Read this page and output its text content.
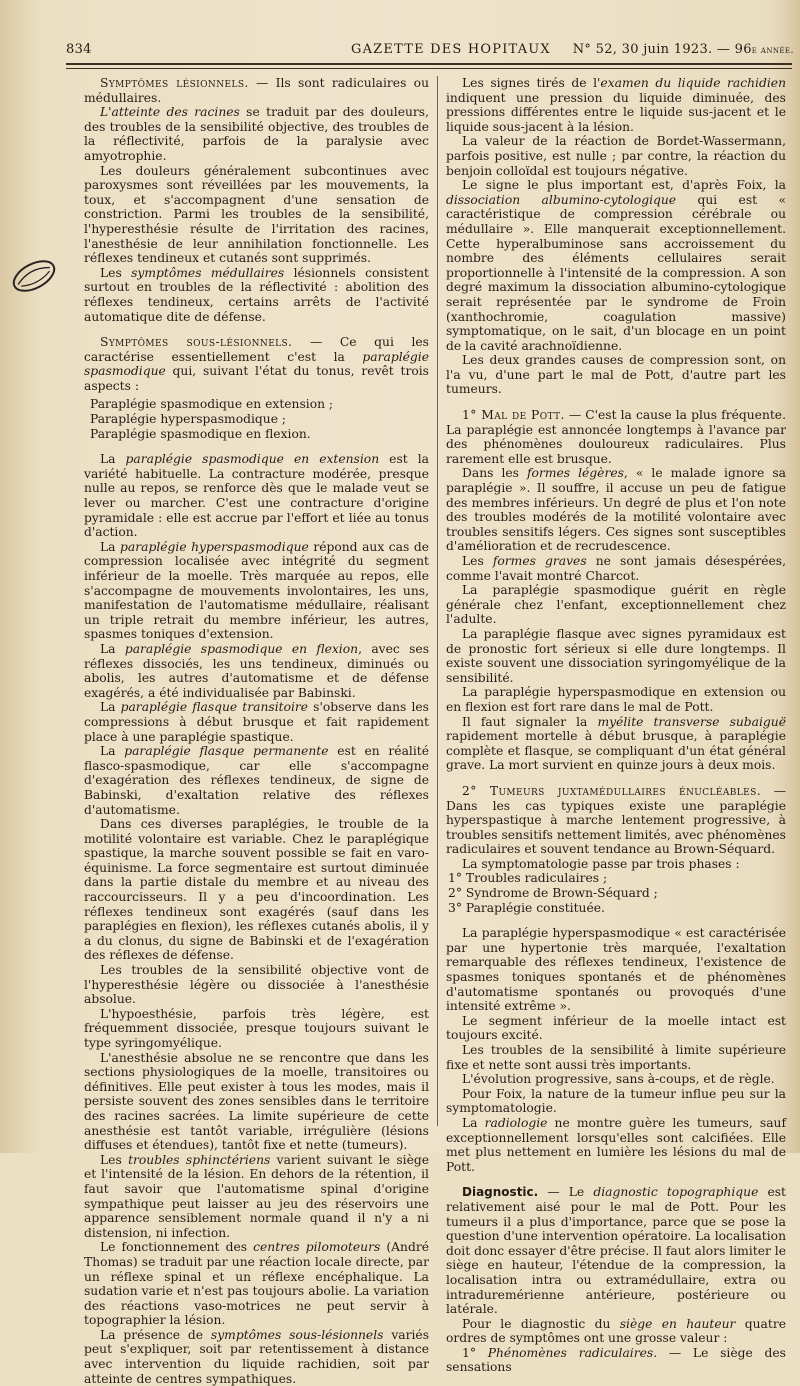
834	GAZETTE DES HOPITAUX N° 52, 30 juin 1923. — 96e année.

Symptômes lésionnels. — Ils sont radiculaires ou médullaires.

L'atteinte des racines se traduit par des douleurs, des troubles de la sensibilité objective, des troubles de la réflectivité, parfois de la paralysie avec amyotrophie.

Les douleurs généralement subcontinues avec paroxysmes sont réveillées par les mouvements, la toux, et s'accompagnent d'une sensation de constriction. Parmi les troubles de la sensibilité, l'hyperesthésie résulte de l'irritation des racines, l'anesthésie de leur annihilation fonctionnelle. Les réflexes tendineux et cutanés sont supprimés.

Les symptômes médullaires lésionnels consistent surtout en troubles de la réflectivité : abolition des réflexes tendineux, certains arrêts de l'activité automatique dite de défense.

Symptômes sous-lésionnels. — Ce qui les caractérise essentiellement c'est la paraplégie spasmodique qui, suivant l'état du tonus, revêt trois aspects :

Paraplégie spasmodique en extension ;

Paraplégie hyperspasmodique ;

Paraplégie spasmodique en flexion.

La paraplégie spasmodique en extension est la variété habituelle. La contracture modérée, presque nulle au repos, se renforce dès que le malade veut se lever ou marcher. C'est une contracture d'origine pyramidale : elle est accrue par l'effort et liée au tonus d'action.

La paraplégie hyperspasmodique répond aux cas de compression localisée avec intégrité du segment inférieur de la moelle. Très marquée au repos, elle s'accompagne de mouvements involontaires, les uns, manifestation de l'automatisme médullaire, réalisant un triple retrait du membre inférieur, les autres, spasmes toniques d'extension.

La paraplégie spasmodique en flexion, avec ses réflexes dissociés, les uns tendineux, diminués ou abolis, les autres d'automatisme et de défense exagérés, a été individualisée par Babinski.

La paraplégie flasque transitoire s'observe dans les compressions à début brusque et fait rapidement place à une paraplégie spastique.

La paraplégie flasque permanente est en réalité flasco-spasmodique, car elle s'accompagne d'exagération des réflexes tendineux, de signe de Babinski, d'exaltation relative des réflexes d'automatisme.

Dans ces diverses paraplégies, le trouble de la motilité volontaire est variable. Chez le paraplégique spastique, la marche souvent possible se fait en varo-équinisme. La force segmentaire est surtout diminuée dans la partie distale du membre et au niveau des raccourcisseurs. Il y a peu d'incoordination. Les réflexes tendineux sont exagérés (sauf dans les paraplégies en flexion), les réflexes cutanés abolis, il y a du clonus, du signe de Babinski et de l'exagération des réflexes de défense.

Les troubles de la sensibilité objective vont de l'hyperesthésie légère ou dissociée à l'anesthésie absolue.

L'hypoesthésie, parfois très légère, est fréquemment dissociée, presque toujours suivant le type syringomyélique.

L'anesthésie absolue ne se rencontre que dans les sections physiologiques de la moelle, transitoires ou définitives. Elle peut exister à tous les modes, mais il persiste souvent des zones sensibles dans le territoire des racines sacrées. La limite supérieure de cette anesthésie est tantôt variable, irrégulière (lésions diffuses et étendues), tantôt fixe et nette (tumeurs).

Les troubles sphinctériens varient suivant le siège et l'intensité de la lésion. En dehors de la rétention, il faut savoir que l'automatisme spinal d'origine sympathique peut laisser au jeu des réservoirs une apparence sensiblement normale quand il n'y a ni distension, ni infection.

Le fonctionnement des centres pilomoteurs (André Thomas) se traduit par une réaction locale directe, par un réflexe spinal et un réflexe encéphalique. La sudation varie et n'est pas toujours abolie. La variation des réactions vaso-motrices ne peut servir à topographier la lésion.

La présence de symptômes sous-lésionnels variés peut s'expliquer, soit par retentissement à distance avec intervention du liquide rachidien, soit par atteinte de centres sympathiques.

Les signes tirés de l'examen du liquide rachidien indiquent une pression du liquide diminuée, des pressions différentes entre le liquide sus-jacent et le liquide sous-jacent à la lésion.

La valeur de la réaction de Bordet-Wassermann, parfois positive, est nulle ; par contre, la réaction du benjoin colloïdal est toujours négative.

Le signe le plus important est, d'après Foix, la dissociation albumino-cytologique qui est « caractéristique de compression cérébrale ou médullaire ». Elle manquerait exceptionnellement. Cette hyperalbuminose sans accroissement du nombre des éléments cellulaires serait proportionnelle à l'intensité de la compression. A son degré maximum la dissociation albumino-cytologique serait représentée par le syndrome de Froin (xanthochromie, coagulation massive) symptomatique, on le sait, d'un blocage en un point de la cavité arachnoïdienne.

Les deux grandes causes de compression sont, on l'a vu, d'une part le mal de Pott, d'autre part les tumeurs.

1° Mal de Pott. — C'est la cause la plus fréquente. La paraplégie est annoncée longtemps à l'avance par des phénomènes douloureux radiculaires. Plus rarement elle est brusque.

Dans les formes légères, « le malade ignore sa paraplégie ». Il souffre, il accuse un peu de fatigue des membres inférieurs. Un degré de plus et l'on note des troubles modérés de la motilité volontaire avec troubles sensitifs légers. Ces signes sont susceptibles d'amélioration et de recrudescence.

Les formes graves ne sont jamais désespérées, comme l'avait montré Charcot.

La paraplégie spasmodique guérit en règle générale chez l'enfant, exceptionnellement chez l'adulte.

La paraplégie flasque avec signes pyramidaux est de pronostic fort sérieux si elle dure longtemps. Il existe souvent une dissociation syringomyélique de la sensibilité.

La paraplégie hyperspasmodique en extension ou en flexion est fort rare dans le mal de Pott.

Il faut signaler la myélite transverse subaiguë rapidement mortelle à début brusque, à paraplégie complète et flasque, se compliquant d'un état général grave. La mort survient en quinze jours à deux mois.

2° Tumeurs juxtamédullaires énucléables. — Dans les cas typiques existe une paraplégie hyperspastique à marche lentement progressive, à troubles sensitifs nettement limités, avec phénomènes radiculaires et souvent tendance au Brown-Séquard.

La symptomatologie passe par trois phases :

1° Troubles radiculaires ;

2° Syndrome de Brown-Séquard ;

3° Paraplégie constituée.

La paraplégie hyperspasmodique « est caractérisée par une hypertonie très marquée, l'exaltation remarquable des réflexes tendineux, l'existence de spasmes toniques spontanés et de phénomènes d'automatisme spontanés ou provoqués d'une intensité extrême ».

Le segment inférieur de la moelle intact est toujours excité.

Les troubles de la sensibilité à limite supérieure fixe et nette sont aussi très importants.

L'évolution progressive, sans à-coups, et de règle.

Pour Foix, la nature de la tumeur influe peu sur la symptomatologie.

La radiologie ne montre guère les tumeurs, sauf exceptionnellement lorsqu'elles sont calcifiées. Elle met plus nettement en lumière les lésions du mal de Pott.

Diagnostic. — Le diagnostic topographique est relativement aisé pour le mal de Pott. Pour les tumeurs il a plus d'importance, parce que se pose la question d'une intervention opératoire. La localisation doit donc essayer d'être précise. Il faut alors limiter le siège en hauteur, l'étendue de la compression, la localisation intra ou extramédullaire, extra ou intraduremérienne antérieure, postérieure ou latérale.

Pour le diagnostic du siège en hauteur quatre ordres de symptômes ont une grosse valeur :

1° Phénomènes radiculaires. — Le siège des sensations
